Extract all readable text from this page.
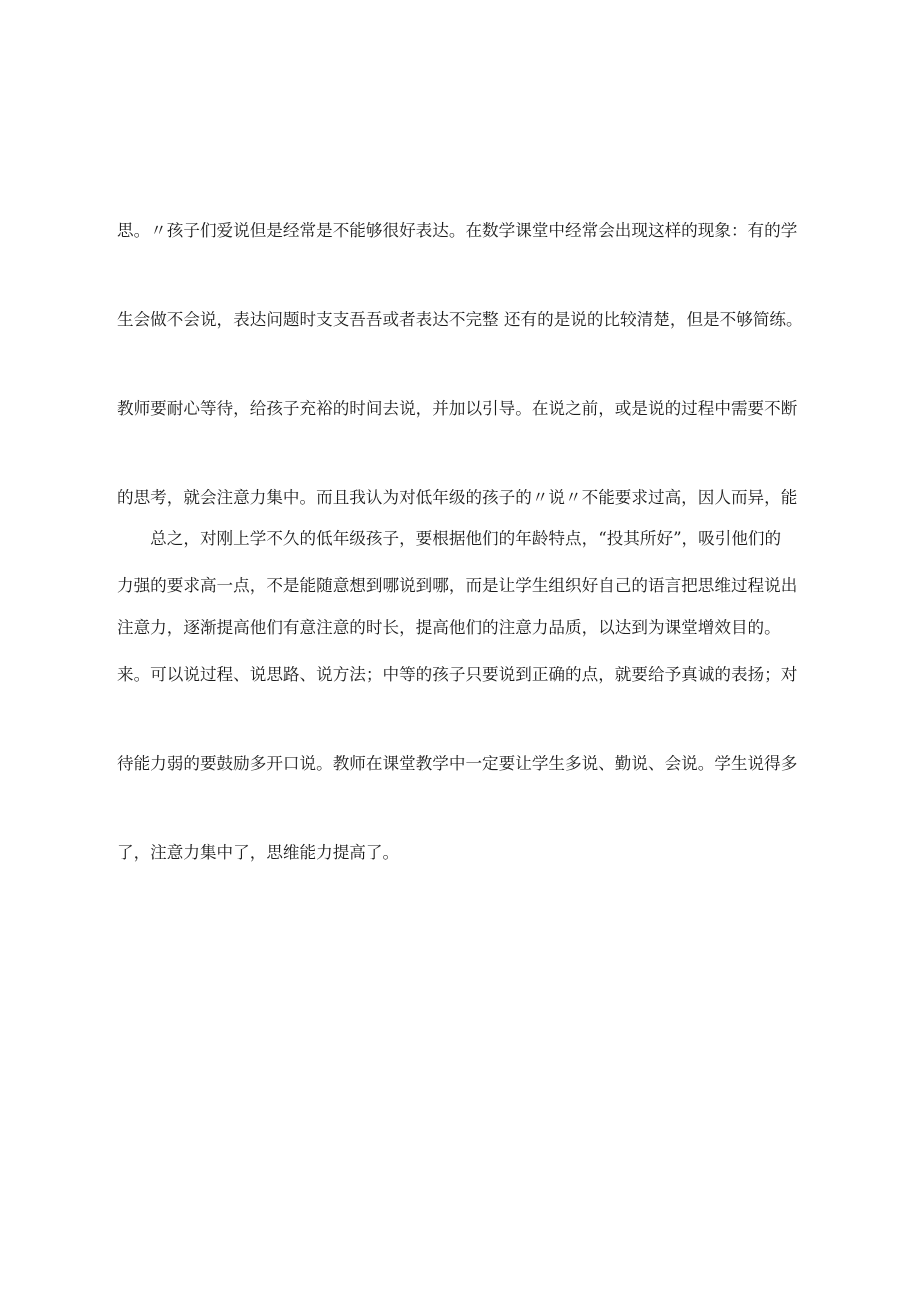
思。〃孩子们爱说但是经常是不能够很好表达。在数学课堂中经常会出现这样的现象：有的学

生会做不会说，表达问题时支支吾吾或者表达不完整 还有的是说的比较清楚，但是不够简练。

教师要耐心等待，给孩子充裕的时间去说，并加以引导。在说之前，或是说的过程中需要不断

的思考，就会注意力集中。而且我认为对低年级的孩子的〃说〃不能要求过高，因人而异，能

力强的要求高一点，不是能随意想到哪说到哪，而是让学生组织好自己的语言把思维过程说出

来。可以说过程、说思路、说方法；中等的孩子只要说到正确的点，就要给予真诚的表扬；对

待能力弱的要鼓励多开口说。教师在课堂教学中一定要让学生多说、勤说、会说。学生说得多

了，注意力集中了，思维能力提高了。

　　总之，对刚上学不久的低年级孩子，要根据他们的年龄特点，“投其所好”，吸引他们的

注意力，逐渐提高他们有意注意的时长，提高他们的注意力品质，以达到为课堂增效目的。
